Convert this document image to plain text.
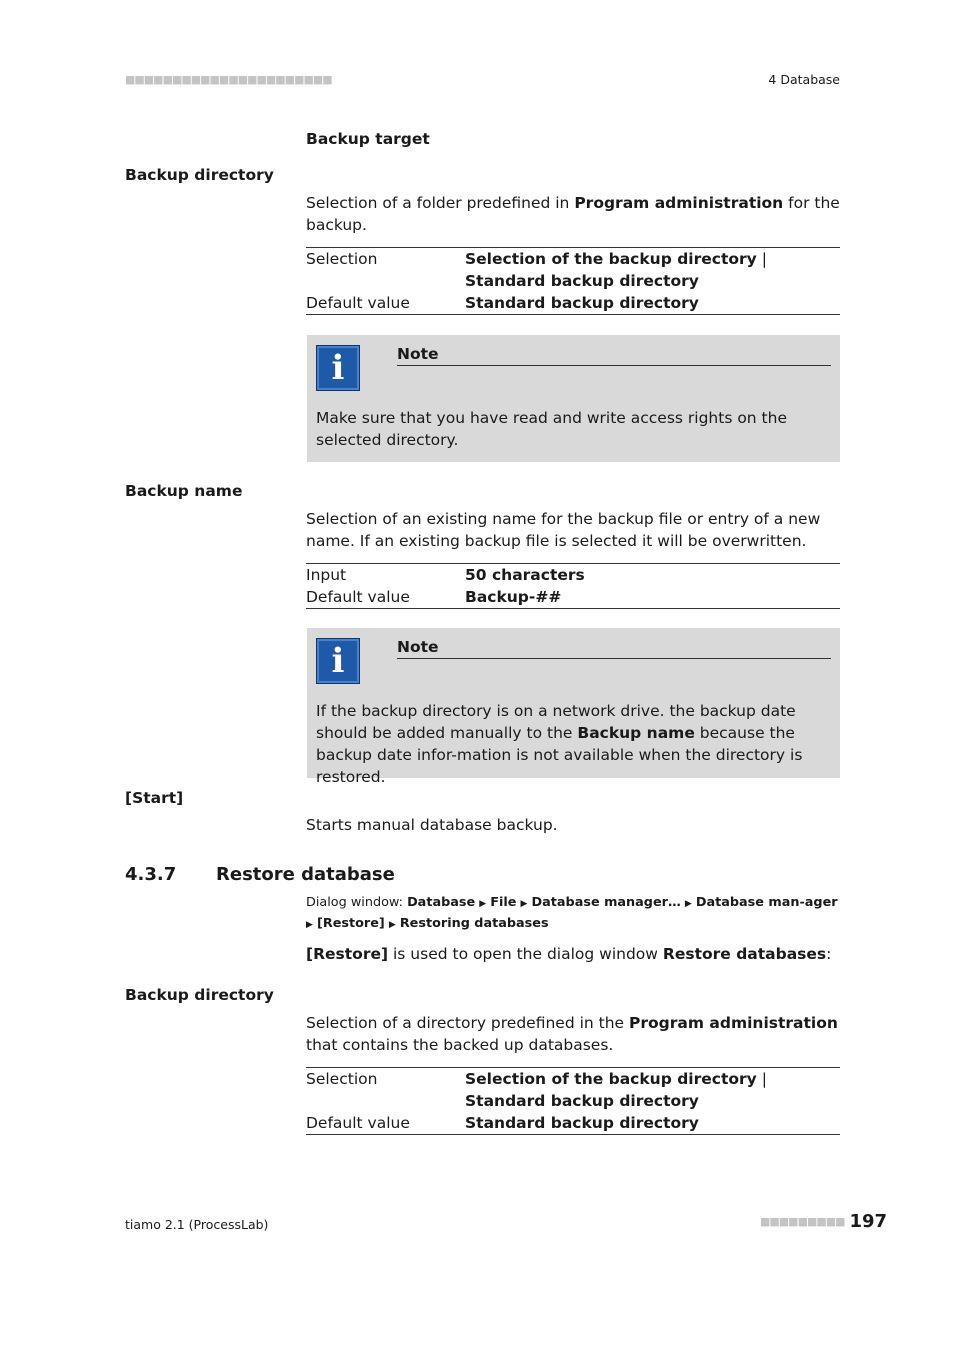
■■■■■■■■■■■■■■■■■■■■■■	4 Database
Backup target
Backup directory
Selection of a folder predefined in Program administration for the backup.
Selection	Selection of the backup directory | Standard backup directory
Default value	Standard backup directory
i	Note
Make sure that you have read and write access rights on the selected directory.
Backup name
Selection of an existing name for the backup file or entry of a new name. If an existing backup file is selected it will be overwritten.
Input	50 characters
Default value	Backup-##
i	Note
If the backup directory is on a network drive. the backup date should be added manually to the Backup name because the backup date infor-mation is not available when the directory is restored.
[Start]
Starts manual database backup.
4.3.7 Restore database
Dialog window: Database ▶ File ▶ Database manager… ▶ Database man-ager ▶ [Restore] ▶ Restoring databases
[Restore] is used to open the dialog window Restore databases:
Backup directory
Selection of a directory predefined in the Program administration that contains the backed up databases.
Selection	Selection of the backup directory | Standard backup directory
Default value	Standard backup directory
tiamo 2.1 (ProcessLab)	■■■■■■■■■ 197
